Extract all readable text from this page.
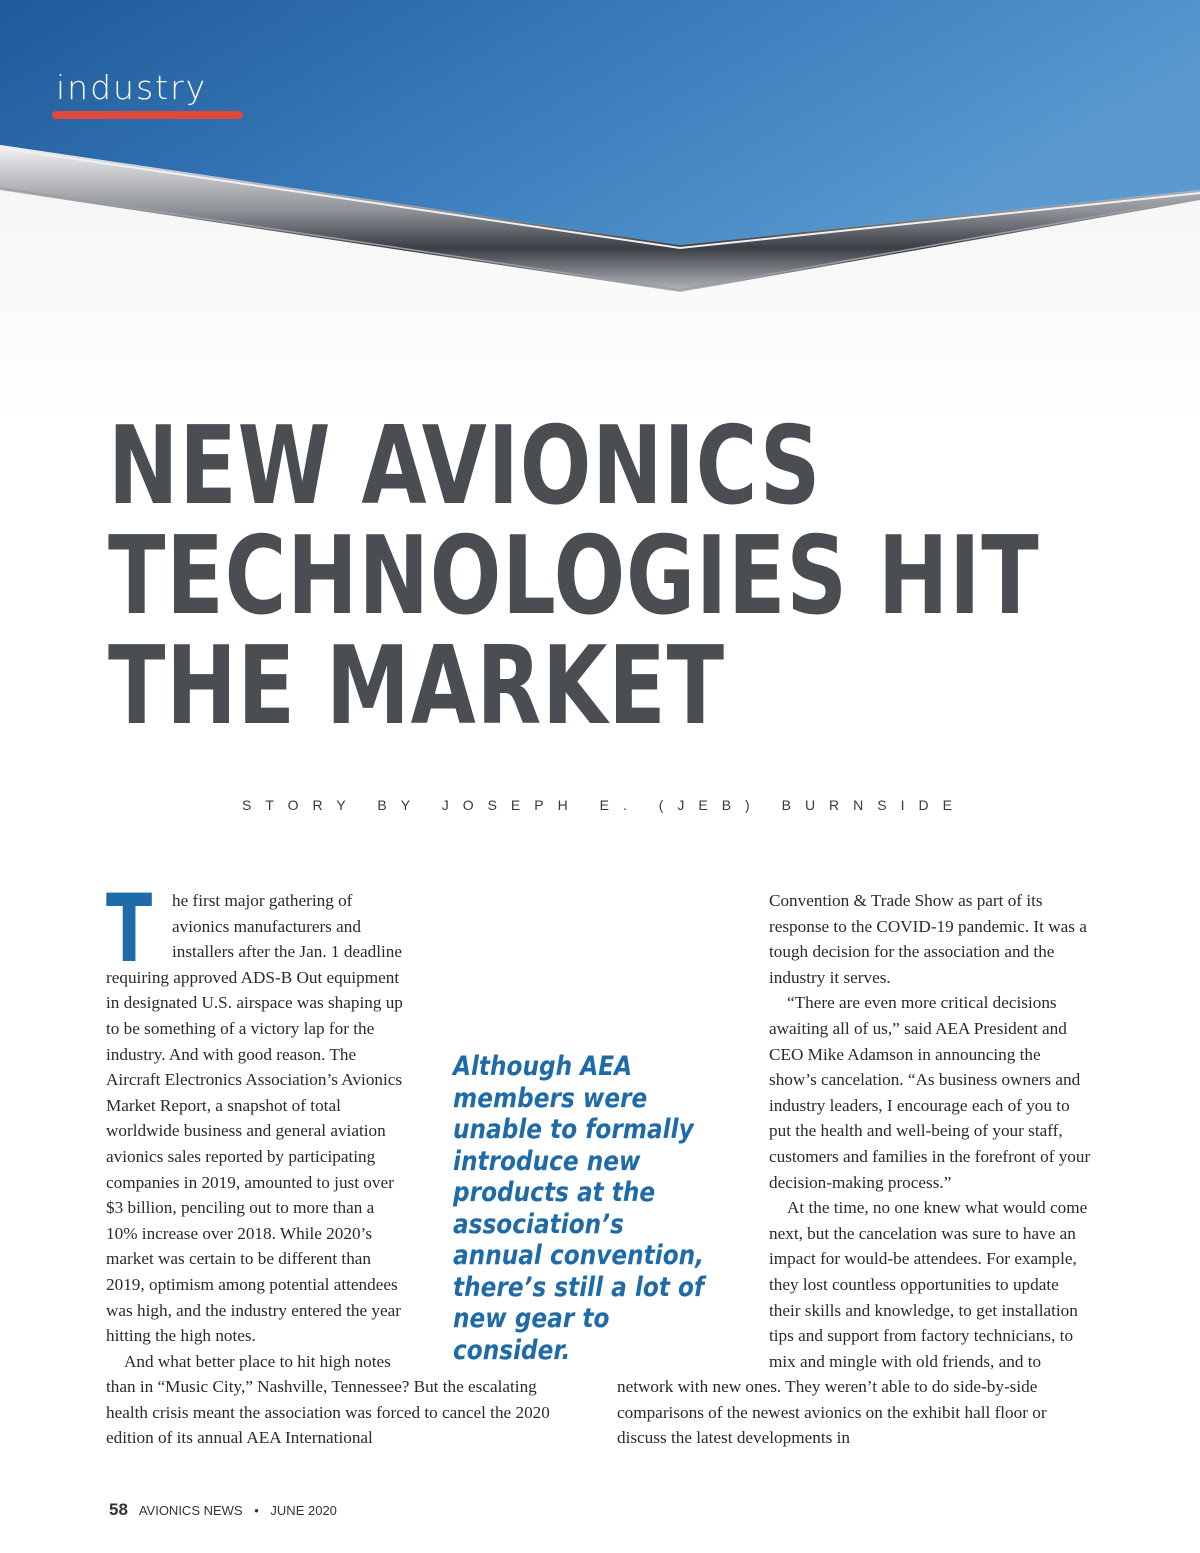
industry
NEW AVIONICS
TECHNOLOGIES HIT
THE MARKET
STORY BY JOSEPH E. (JEB) BURNSIDE

T he first major gathering of avionics manufacturers and installers after the Jan. 1 deadline requiring approved ADS-B Out equipment in designated U.S. airspace was shaping up to be something of a victory lap for the industry. And with good reason. The Aircraft Electronics Association’s Avionics Market Report, a snapshot of total worldwide business and general aviation avionics sales reported by participating companies in 2019, amounted to just over $3 billion, penciling out to more than a 10% increase over 2018. While 2020’s market was certain to be different than 2019, optimism among potential attendees was high, and the industry entered the year hitting the high notes.

And what better place to hit high notes than in “Music City,” Nashville, Tennessee? But the escalating health crisis meant the association was forced to cancel the 2020 edition of its annual AEA International

Although AEA members were unable to formally introduce new products at the association’s annual convention, there’s still a lot of new gear to consider.

Convention & Trade Show as part of its response to the COVID-19 pandemic. It was a tough decision for the association and the industry it serves.

“There are even more critical decisions awaiting all of us,” said AEA President and CEO Mike Adamson in announcing the show’s cancelation. “As business owners and industry leaders, I encourage each of you to put the health and well-being of your staff, customers and families in the forefront of your decision-making process.”

At the time, no one knew what would come next, but the cancelation was sure to have an impact for would-be attendees. For example, they lost countless opportunities to update their skills and knowledge, to get installation tips and support from factory technicians, to mix and mingle with old friends, and to network with new ones. They weren’t able to do side-by-side comparisons of the newest avionics on the exhibit hall floor or discuss the latest developments in

58 AVIONICS NEWS • JUNE 2020
